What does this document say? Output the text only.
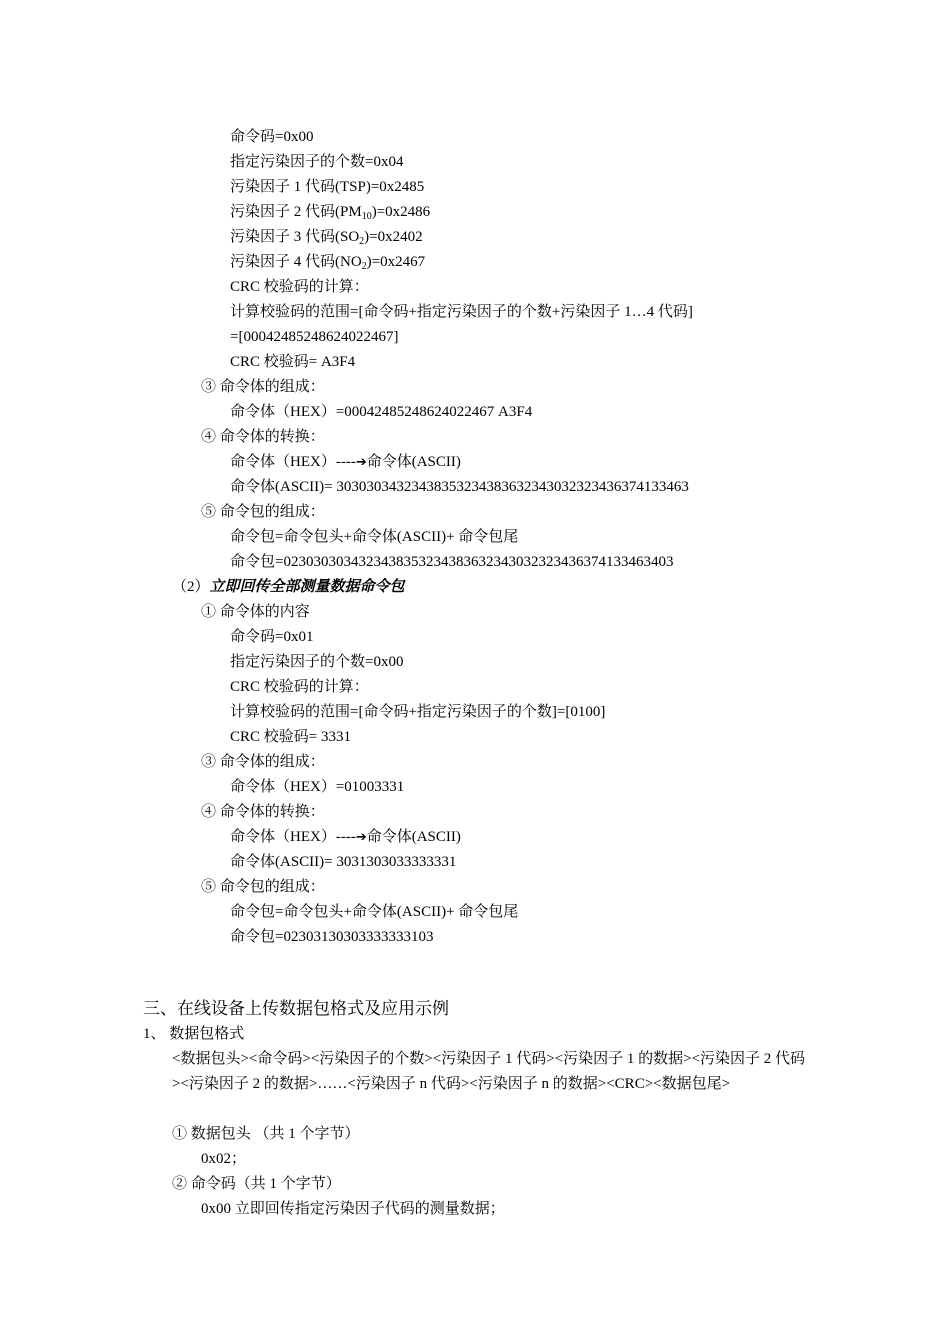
命令码=0x00
指定污染因子的个数=0x04
污染因子 1 代码(TSP)=0x2485
污染因子 2 代码$(PM_{10})=0x2486$
污染因子 3 代码$(SO_2)=0x2402$
污染因子 4 代码$(NO_2)=0x2467$
CRC 校验码的计算：
计算校验码的范围=[命令码+指定污染因子的个数+污染因子 1…4 代码]
=[00042485248624022467]
CRC 校验码= A3F4
③ 命令体的组成：
命令体（HEX）=00042485248624022467 A3F4
④ 命令体的转换：
命令体（HEX）----➔命令体(ASCII)
命令体(ASCII)= 30303034323438353234383632343032323436374133463
⑤ 命令包的组成：
命令包=命令包头+命令体(ASCII)+ 命令包尾
命令包=0230303034323438353234383632343032323436374133463403
（2）立即回传全部测量数据命令包
① 命令体的内容
命令码=0x01
指定污染因子的个数=0x00
CRC 校验码的计算：
计算校验码的范围=[命令码+指定污染因子的个数]=[0100]
CRC 校验码= 3331
③ 命令体的组成：
命令体（HEX）=01003331
④ 命令体的转换：
命令体（HEX）----➔命令体(ASCII)
命令体(ASCII)= 3031303033333331
⑤ 命令包的组成：
命令包=命令包头+命令体(ASCII)+ 命令包尾
命令包=02303130303333333103
三、在线设备上传数据包格式及应用示例
1、 数据包格式
<数据包头><命令码><污染因子的个数><污染因子 1 代码><污染因子 1 的数据><污染因子 2 代码><污染因子 2 的数据>……<污染因子 n 代码><污染因子 n 的数据><CRC><数据包尾>
① 数据包头 （共 1 个字节）
0x02；
② 命令码（共 1 个字节）
0x00 立即回传指定污染因子代码的测量数据；
